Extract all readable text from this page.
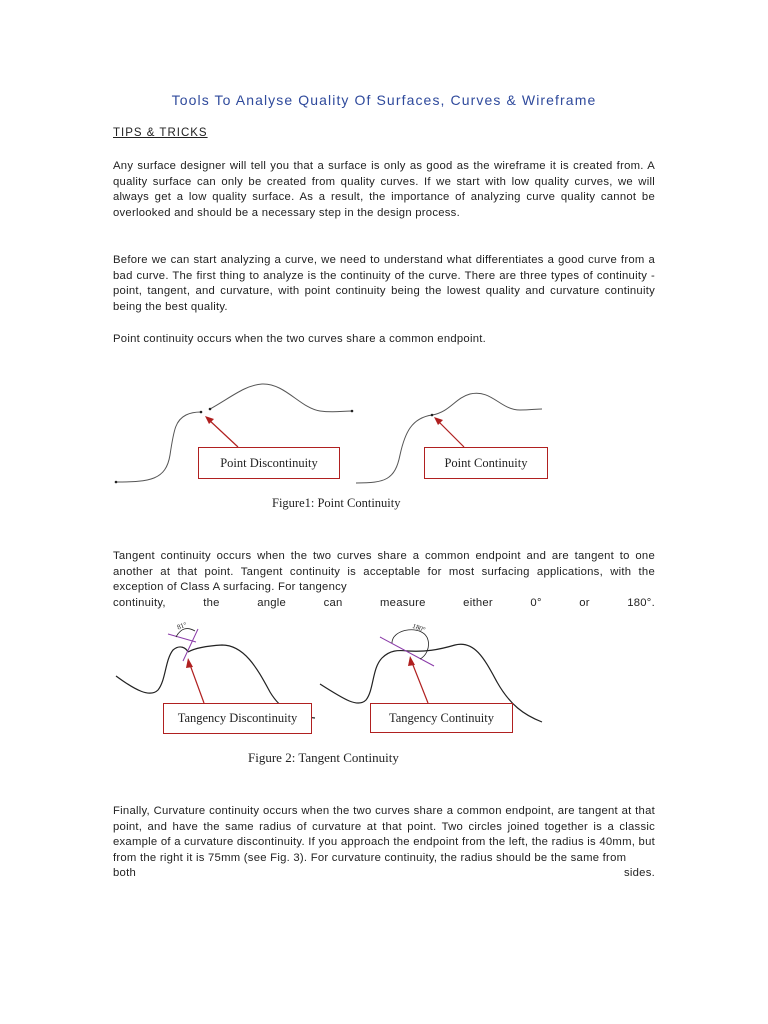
Tools To Analyse Quality Of Surfaces, Curves & Wireframe
TIPS & TRICKS

Any surface designer will tell you that a surface is only as good as the wireframe it is created from. A quality surface can only be created from quality curves. If we start with low quality curves, we will always get a low quality surface. As a result, the importance of analyzing curve quality cannot be overlooked and should be a necessary step in the design process.

Before we can start analyzing a curve, we need to understand what differentiates a good curve from a bad curve. The first thing to analyze is the continuity of the curve. There are three types of continuity - point, tangent, and curvature, with point continuity being the lowest quality and curvature continuity being the best quality.

Point continuity occurs when the two curves share a common endpoint.

81°	180°
Point Discontinuity	Point Continuity
Figure1: Point Continuity
Tangent continuity occurs when the two curves share a common endpoint and are tangent to one another at that point. Tangent continuity is acceptable for most surfacing applications, with the exception of Class A surfacing. For tangency
continuity,	the	angle	can	measure	either	0°	or	180°.
Tangency Discontinuity	Tangency Continuity
Figure 2: Tangent Continuity
Finally, Curvature continuity occurs when the two curves share a common endpoint, are tangent at that point, and have the same radius of curvature at that point. Two circles joined together is a classic example of a curvature discontinuity. If you approach the endpoint from the left, the radius is 40mm, but from the right it is 75mm (see Fig. 3). For curvature continuity, the radius should be the same from
both	sides.
